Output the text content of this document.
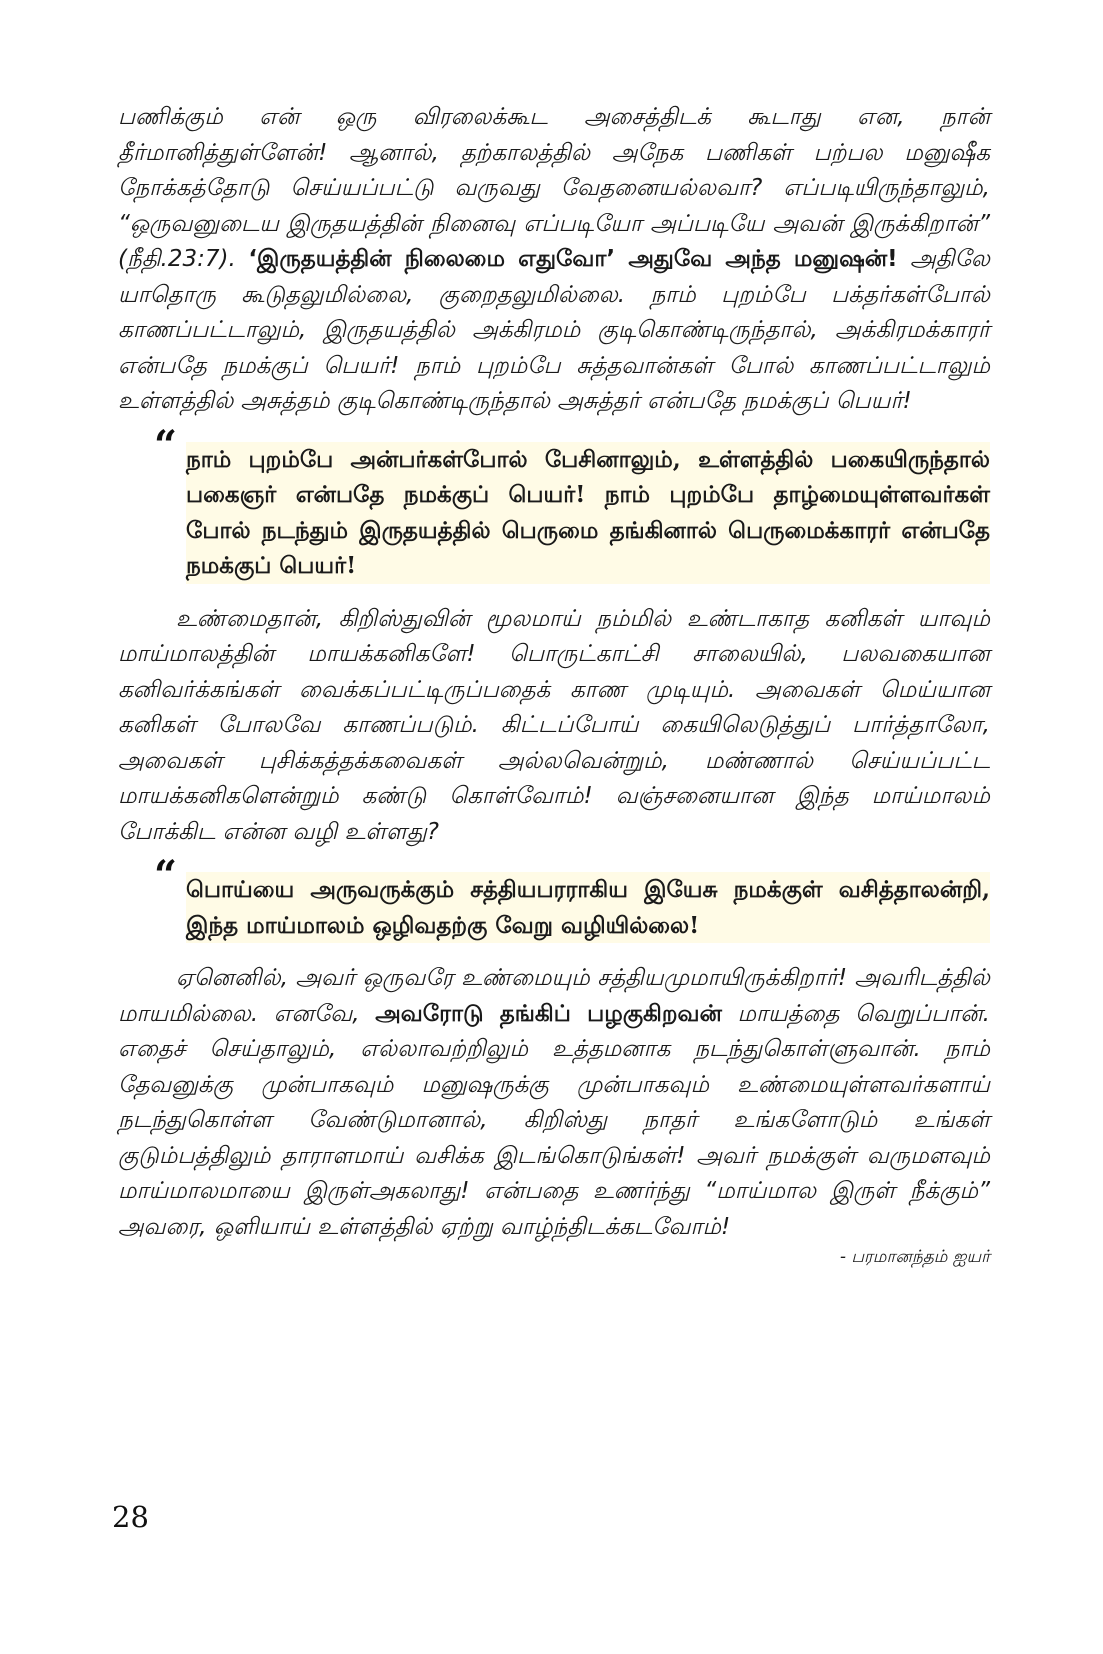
பணிக்கும் என் ஒரு விரலைக்கூட அசைத்திடக் கூடாது என, நான் தீர்மானித்துள்ளேன்! ஆனால், தற்காலத்தில் அநேக பணிகள் பற்பல மனுஷீக நோக்கத்தோடு செய்யப்பட்டு வருவது வேதனையல்லவா? எப்படியிருந்தாலும், “ஒருவனுடைய இருதயத்தின் நினைவு எப்படியோ அப்படியே அவன் இருக்கிறான்” (நீதி.23:7). ‘இருதயத்தின் நிலைமை எதுவோ’ அதுவே அந்த மனுஷன்! அதிலே யாதொரு கூடுதலுமில்லை, குறைதலுமில்லை. நாம் புறம்பே பக்தர்கள்போல் காணப்பட்டாலும், இருதயத்தில் அக்கிரமம் குடிகொண்டிருந்தால், அக்கிரமக்காரர் என்பதே நமக்குப் பெயர்! நாம் புறம்பே சுத்தவான்கள் போல் காணப்பட்டாலும் உள்ளத்தில் அசுத்தம் குடிகொண்டிருந்தால் அசுத்தர் என்பதே நமக்குப் பெயர்!

“ நாம் புறம்பே அன்பர்கள்போல் பேசினாலும், உள்ளத்தில் பகையிருந்தால் பகைஞர் என்பதே நமக்குப் பெயர்! நாம் புறம்பே தாழ்மையுள்ளவர்கள் போல் நடந்தும் இருதயத்தில் பெருமை தங்கினால் பெருமைக்காரர் என்பதே நமக்குப் பெயர்!

உண்மைதான், கிறிஸ்துவின் மூலமாய் நம்மில் உண்டாகாத கனிகள் யாவும் மாய்மாலத்தின் மாயக்கனிகளே! பொருட்காட்சி சாலையில், பலவகையான கனிவர்க்கங்கள் வைக்கப்பட்டிருப்பதைக் காண முடியும். அவைகள் மெய்யான கனிகள் போலவே காணப்படும். கிட்டப்போய் கையிலெடுத்துப் பார்த்தாலோ, அவைகள் புசிக்கத்தக்கவைகள் அல்லவென்றும், மண்ணால் செய்யப்பட்ட மாயக்கனிகளென்றும் கண்டு கொள்வோம்! வஞ்சனையான இந்த மாய்மாலம் போக்கிட என்ன வழி உள்ளது?

“ பொய்யை அருவருக்கும் சத்தியபரராகிய இயேசு நமக்குள் வசித்தாலன்றி, இந்த மாய்மாலம் ஒழிவதற்கு வேறு வழியில்லை!

ஏனெனில், அவர் ஒருவரே உண்மையும் சத்தியமுமாயிருக்கிறார்! அவரிடத்தில் மாயமில்லை. எனவே, அவரோடு தங்கிப் பழகுகிறவன் மாயத்தை வெறுப்பான். எதைச் செய்தாலும், எல்லாவற்றிலும் உத்தமனாக நடந்துகொள்ளுவான். நாம் தேவனுக்கு முன்பாகவும் மனுஷருக்கு முன்பாகவும் உண்மையுள்ளவர்களாய் நடந்துகொள்ள வேண்டுமானால், கிறிஸ்து நாதர் உங்களோடும் உங்கள் குடும்பத்திலும் தாராளமாய் வசிக்க இடங்கொடுங்கள்! அவர் நமக்குள் வருமளவும் மாய்மாலமாயை இருள்அகலாது! என்பதை உணர்ந்து “மாய்மால இருள் நீக்கும்” அவரை, ஒளியாய் உள்ளத்தில் ஏற்று வாழ்ந்திடக்கடவோம்!

- பரமானந்தம் ஐயர்
28
